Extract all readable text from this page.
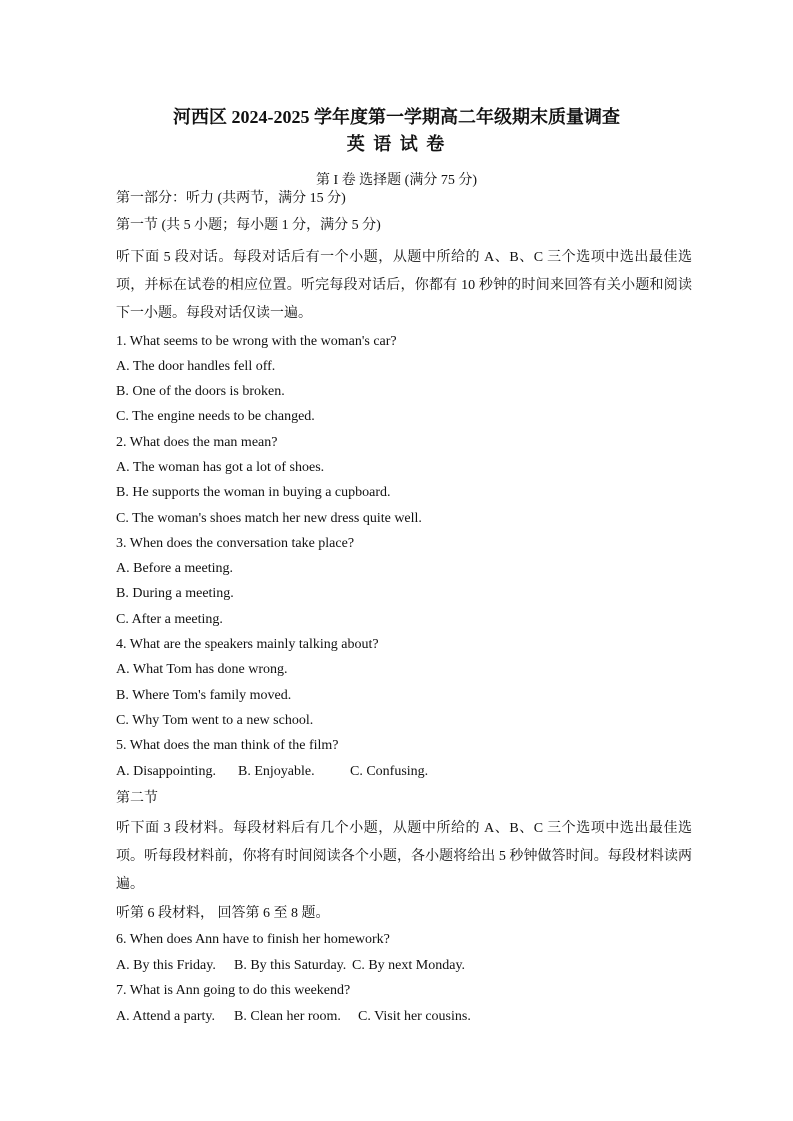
河西区 2024-2025 学年度第一学期高二年级期末质量调查
英 语 试 卷
第 I 卷 选择题 (满分 75 分)
第一部分：听力 (共两节，满分 15 分)
第一节 (共 5 小题；每小题 1 分，满分 5 分)
听下面 5 段对话。每段对话后有一个小题，从题中所给的 A、B、C 三个选项中选出最佳选项，并标在试卷的相应位置。听完每段对话后，你都有 10 秒钟的时间来回答有关小题和阅读下一小题。每段对话仅读一遍。
1. What seems to be wrong with the woman's car?
A. The door handles fell off.
B. One of the doors is broken.
C. The engine needs to be changed.
2. What does the man mean?
A. The woman has got a lot of shoes.
B. He supports the woman in buying a cupboard.
C. The woman's shoes match her new dress quite well.
3. When does the conversation take place?
A. Before a meeting.
B. During a meeting.
C. After a meeting.
4. What are the speakers mainly talking about?
A. What Tom has done wrong.
B. Where Tom's family moved.
C. Why Tom went to a new school.
5. What does the man think of the film?
A. Disappointing. B. Enjoyable.	C. Confusing.
第二节
听下面 3 段材料。每段材料后有几个小题，从题中所给的 A、B、C 三个选项中选出最佳选项。听每段材料前，你将有时间阅读各个小题，各小题将给出 5 秒钟做答时间。每段材料读两遍。
听第 6 段材料， 回答第 6 至 8 题。
6. When does Ann have to finish her homework?
A. By this Friday. B. By this Saturday. C. By next Monday.
7. What is Ann going to do this weekend?
A. Attend a party. B. Clean her room. C. Visit her cousins.
